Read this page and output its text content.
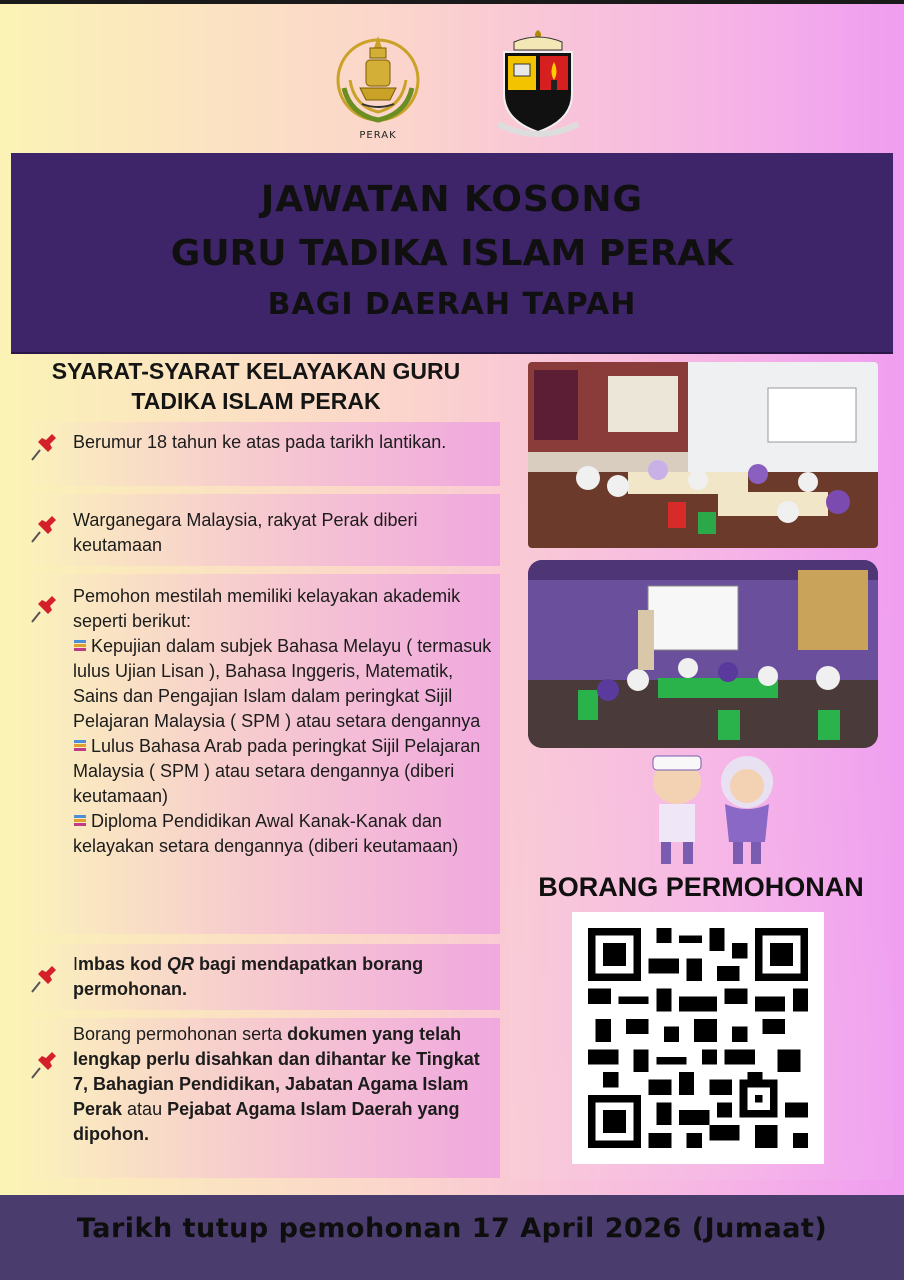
PERAK
JAWATAN KOSONG
GURU TADIKA ISLAM PERAK
BAGI DAERAH TAPAH
SYARAT-SYARAT KELAYAKAN GURU
TADIKA ISLAM PERAK
Berumur 18 tahun ke atas pada tarikh lantikan.
Warganegara Malaysia, rakyat Perak diberi keutamaan
Pemohon mestilah memiliki kelayakan akademik seperti berikut:
Kepujian dalam subjek Bahasa Melayu ( termasuk lulus Ujian Lisan ), Bahasa Inggeris, Matematik, Sains dan Pengajian Islam dalam peringkat Sijil Pelajaran Malaysia ( SPM ) atau setara dengannya
Lulus Bahasa Arab pada peringkat Sijil Pelajaran Malaysia ( SPM ) atau setara dengannya (diberi keutamaan)
Diploma Pendidikan Awal Kanak-Kanak dan kelayakan setara dengannya (diberi keutamaan)
Imbas kod QR bagi mendapatkan borang permohonan.
Borang permohonan serta dokumen yang telah lengkap perlu disahkan dan dihantar ke Tingkat 7, Bahagian Pendidikan, Jabatan Agama Islam Perak atau Pejabat Agama Islam Daerah yang dipohon.
BORANG PERMOHONAN
Tarikh tutup pemohonan 17 April 2026 (Jumaat)
